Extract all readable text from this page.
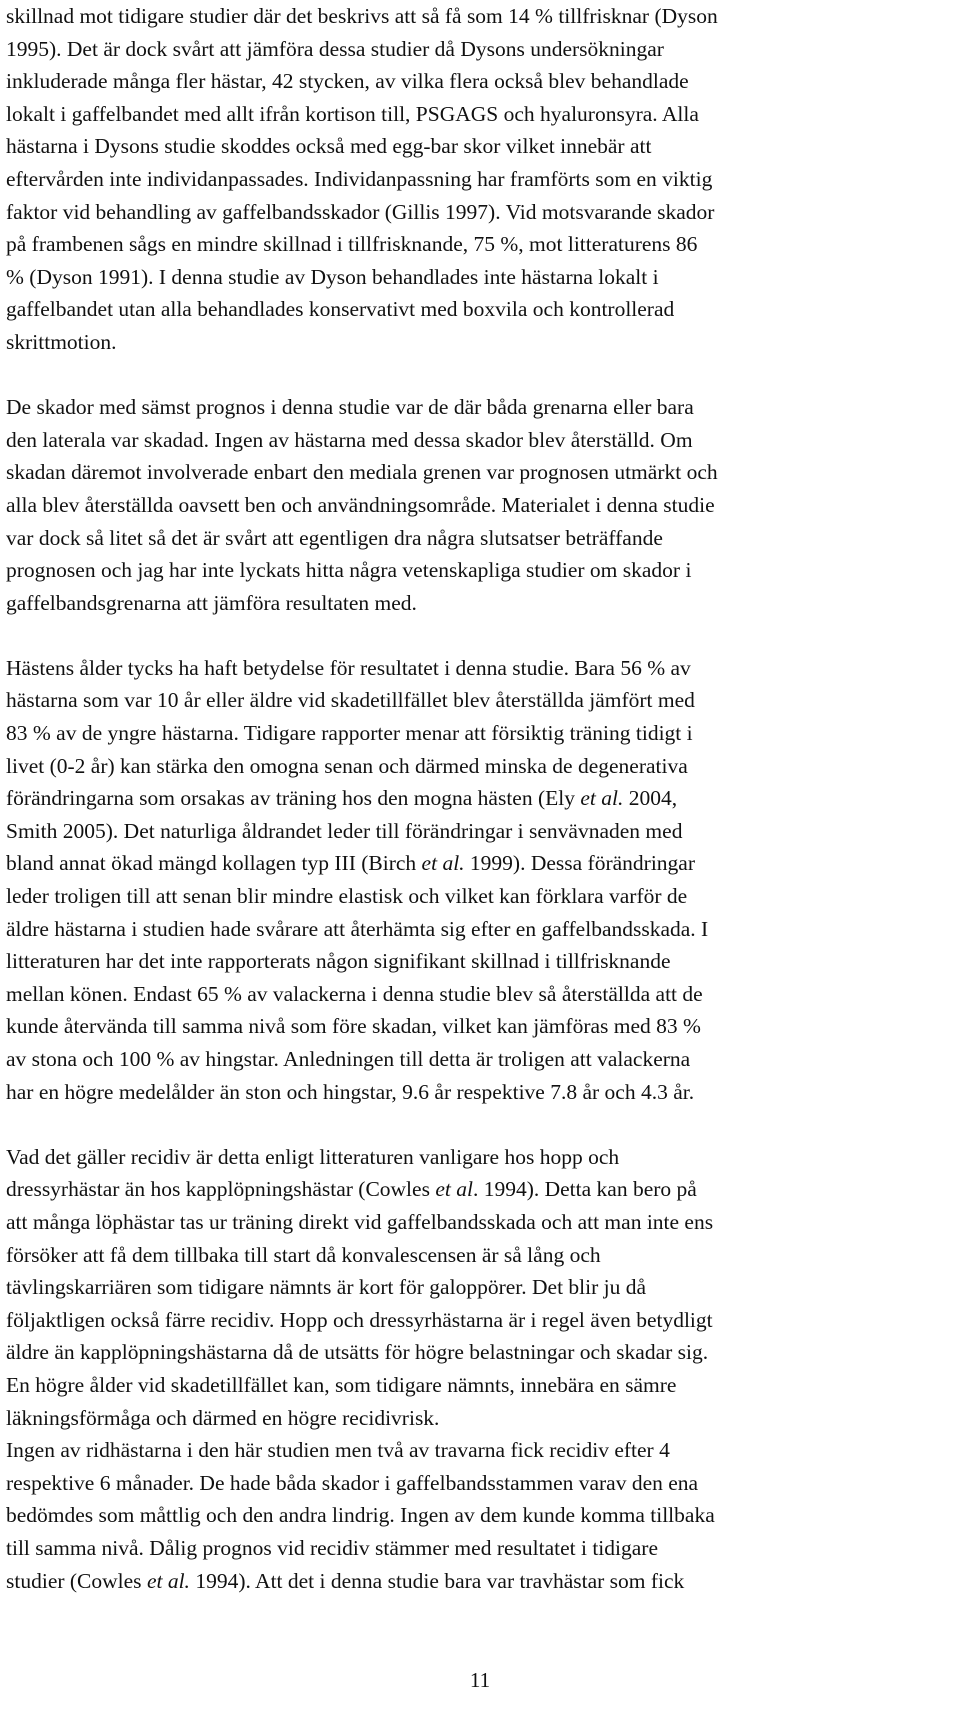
skillnad mot tidigare studier där det beskrivs att så få som 14 % tillfrisknar (Dyson
1995). Det är dock svårt att jämföra dessa studier då Dysons undersökningar
inkluderade många fler hästar, 42 stycken, av vilka flera också blev behandlade
lokalt i gaffelbandet med allt ifrån kortison till, PSGAGS och hyaluronsyra. Alla
hästarna i Dysons studie skoddes också med egg-bar skor vilket innebär att
eftervården inte individanpassades. Individanpassning har framförts som en viktig
faktor vid behandling av gaffelbandsskador (Gillis 1997). Vid motsvarande skador
på frambenen sågs en mindre skillnad i tillfrisknande, 75 %, mot litteraturens 86
% (Dyson 1991). I denna studie av Dyson behandlades inte hästarna lokalt i
gaffelbandet utan alla behandlades konservativt med boxvila och kontrollerad
skrittmotion.
De skador med sämst prognos i denna studie var de där båda grenarna eller bara
den laterala var skadad. Ingen av hästarna med dessa skador blev återställd. Om
skadan däremot involverade enbart den mediala grenen var prognosen utmärkt och
alla blev återställda oavsett ben och användningsområde. Materialet i denna studie
var dock så litet så det är svårt att egentligen dra några slutsatser beträffande
prognosen och jag har inte lyckats hitta några vetenskapliga studier om skador i
gaffelbandsgrenarna att jämföra resultaten med.
Hästens ålder tycks ha haft betydelse för resultatet i denna studie. Bara 56 % av
hästarna som var 10 år eller äldre vid skadetillfället blev återställda jämfört med
83 % av de yngre hästarna. Tidigare rapporter menar att försiktig träning tidigt i
livet (0-2 år) kan stärka den omogna senan och därmed minska de degenerativa
förändringarna som orsakas av träning hos den mogna hästen (Ely et al. 2004,
Smith 2005). Det naturliga åldrandet leder till förändringar i senvävnaden med
bland annat ökad mängd kollagen typ III (Birch et al. 1999). Dessa förändringar
leder troligen till att senan blir mindre elastisk och vilket kan förklara varför de
äldre hästarna i studien hade svårare att återhämta sig efter en gaffelbandsskada. I
litteraturen har det inte rapporterats någon signifikant skillnad i tillfrisknande
mellan könen. Endast 65 % av valackerna i denna studie blev så återställda att de
kunde återvända till samma nivå som före skadan, vilket kan jämföras med 83 %
av stona och 100 % av hingstar. Anledningen till detta är troligen att valackerna
har en högre medelålder än ston och hingstar, 9.6 år respektive 7.8 år och 4.3 år.
Vad det gäller recidiv är detta enligt litteraturen vanligare hos hopp och
dressyrhästar än hos kapplöpningshästar (Cowles et al. 1994). Detta kan bero på
att många löphästar tas ur träning direkt vid gaffelbandsskada och att man inte ens
försöker att få dem tillbaka till start då konvalescensen är så lång och
tävlingskarriären som tidigare nämnts är kort för galoppörer. Det blir ju då
följaktligen också färre recidiv. Hopp och dressyrhästarna är i regel även betydligt
äldre än kapplöpningshästarna då de utsätts för högre belastningar och skadar sig.
En högre ålder vid skadetillfället kan, som tidigare nämnts, innebära en sämre
läkningsförmåga och därmed en högre recidivrisk.
Ingen av ridhästarna i den här studien men två av travarna fick recidiv efter 4
respektive 6 månader. De hade båda skador i gaffelbandsstammen varav den ena
bedömdes som måttlig och den andra lindrig. Ingen av dem kunde komma tillbaka
till samma nivå. Dålig prognos vid recidiv stämmer med resultatet i tidigare
studier (Cowles et al. 1994). Att det i denna studie bara var travhästar som fick
11
